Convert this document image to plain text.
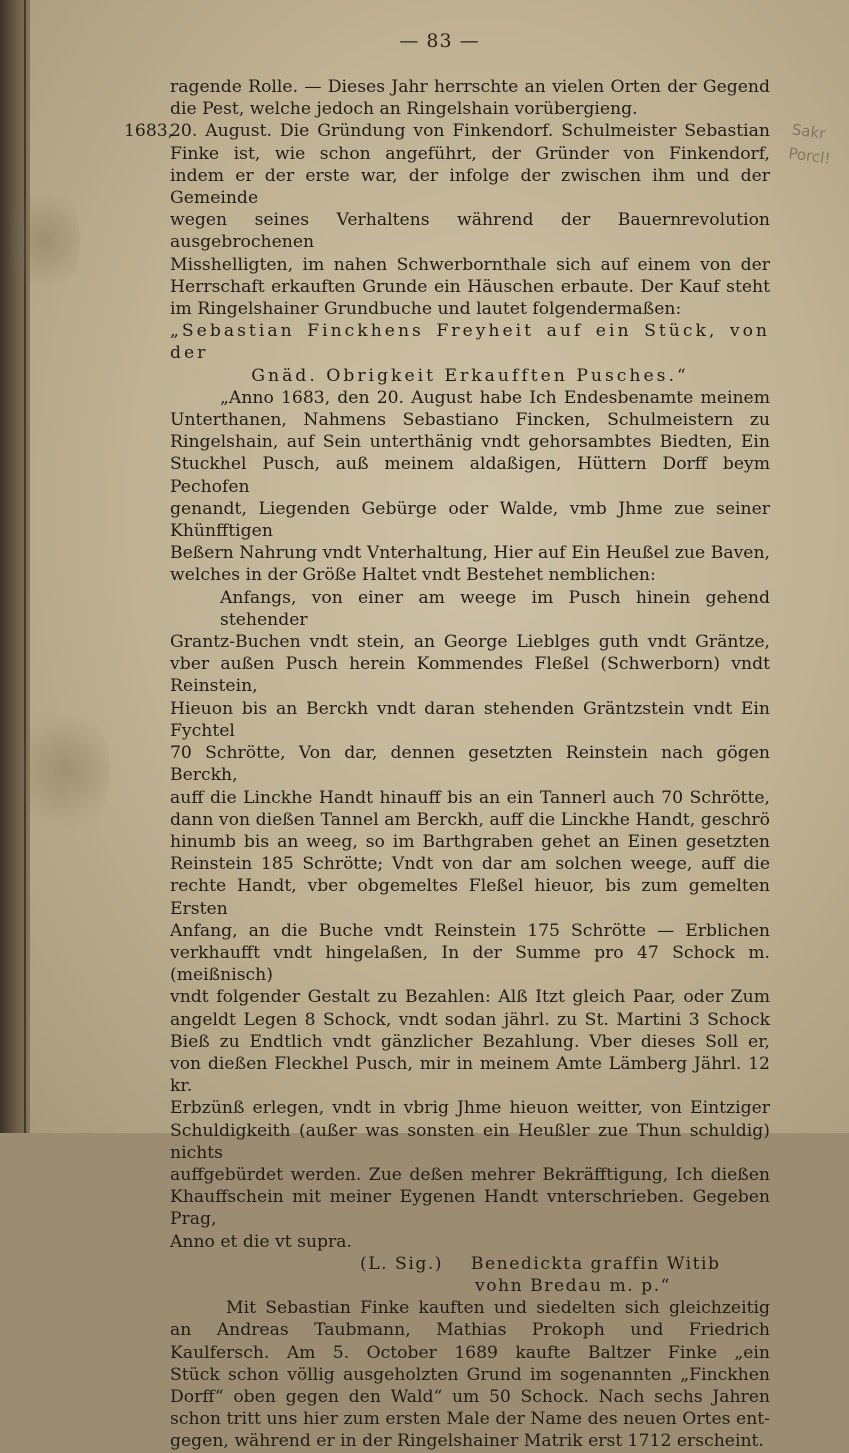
— 83 —

ragende Rolle. — Dieses Jahr herrschte an vielen Orten der Gegend

die Pest, welche jedoch an Ringelshain vorübergieng.

1683,
20. August. Die Gründung von Finkendorf. Schulmeister Sebastian

Finke ist, wie schon angeführt, der Gründer von Finkendorf,

indem er der erste war, der infolge der zwischen ihm und der Gemeinde

wegen seines Verhaltens während der Bauernrevolution ausgebrochenen

Misshelligten, im nahen Schwerbornthale sich auf einem von der

Herrschaft erkauften Grunde ein Häuschen erbaute. Der Kauf steht

im Ringelshainer Grundbuche und lautet folgendermaßen:

„Sebastian Finckhens Freyheit auf ein Stück, von der

Gnäd. Obrigkeit Erkaufften Pusches.“

„Anno 1683, den 20. August habe Ich Endesbenamte meinem

Unterthanen, Nahmens Sebastiano Fincken, Schulmeistern zu

Ringelshain, auf Sein unterthänig vndt gehorsambtes Biedten, Ein

Stuckhel Pusch, auß meinem aldaßigen, Hüttern Dorff beym Pechofen

genandt, Liegenden Gebürge oder Walde, vmb Jhme zue seiner Khünfftigen

Beßern Nahrung vndt Vnterhaltung, Hier auf Ein Heußel zue Baven,

welches in der Größe Haltet vndt Bestehet nemblichen:

Anfangs, von einer am weege im Pusch hinein gehend stehender

Grantz-Buchen vndt stein, an George Lieblges guth vndt Gräntze,

vber außen Pusch herein Kommendes Fleßel (Schwerborn) vndt Reinstein,

Hieuon bis an Berckh vndt daran stehenden Gräntzstein vndt Ein Fychtel

70 Schrötte, Von dar, dennen gesetzten Reinstein nach gögen Berckh,

auff die Linckhe Handt hinauff bis an ein Tannerl auch 70 Schrötte,

dann von dießen Tannel am Berckh, auff die Linckhe Handt, geschrö

hinumb bis an weeg, so im Barthgraben gehet an Einen gesetzten

Reinstein 185 Schrötte; Vndt von dar am solchen weege, auff die

rechte Handt, vber obgemeltes Fleßel hieuor, bis zum gemelten Ersten

Anfang, an die Buche vndt Reinstein 175 Schrötte — Erblichen

verkhaufft vndt hingelaßen, In der Summe pro 47 Schock m. (meißnisch)

vndt folgender Gestalt zu Bezahlen: Alß Itzt gleich Paar, oder Zum

angeldt Legen 8 Schock, vndt sodan jährl. zu St. Martini 3 Schock

Bieß zu Endtlich vndt gänzlicher Bezahlung. Vber dieses Soll er,

von dießen Fleckhel Pusch, mir in meinem Amte Lämberg Jährl. 12 kr.

Erbzünß erlegen, vndt in vbrig Jhme hieuon weitter, von Eintziger

Schuldigkeith (außer was sonsten ein Heußler zue Thun schuldig) nichts

auffgebürdet werden. Zue deßen mehrer Bekräfftigung, Ich dießen

Khauffschein mit meiner Eygenen Handt vnterschrieben. Gegeben Prag,

Anno et die vt supra.

(L. Sig.)    Benedickta graffin Witib

vohn Bredau m. p.“

Mit Sebastian Finke kauften und siedelten sich gleichzeitig

an Andreas Taubmann, Mathias Prokoph und Friedrich

Kaulfersch. Am 5. October 1689 kaufte Baltzer Finke „ein

Stück schon völlig ausgeholzten Grund im sogenannten „Finckhen

Dorff“ oben gegen den Wald“ um 50 Schock. Nach sechs Jahren

schon tritt uns hier zum ersten Male der Name des neuen Ortes ent-

gegen, während er in der Ringelshainer Matrik erst 1712 erscheint.

Sakr
Porcl!
